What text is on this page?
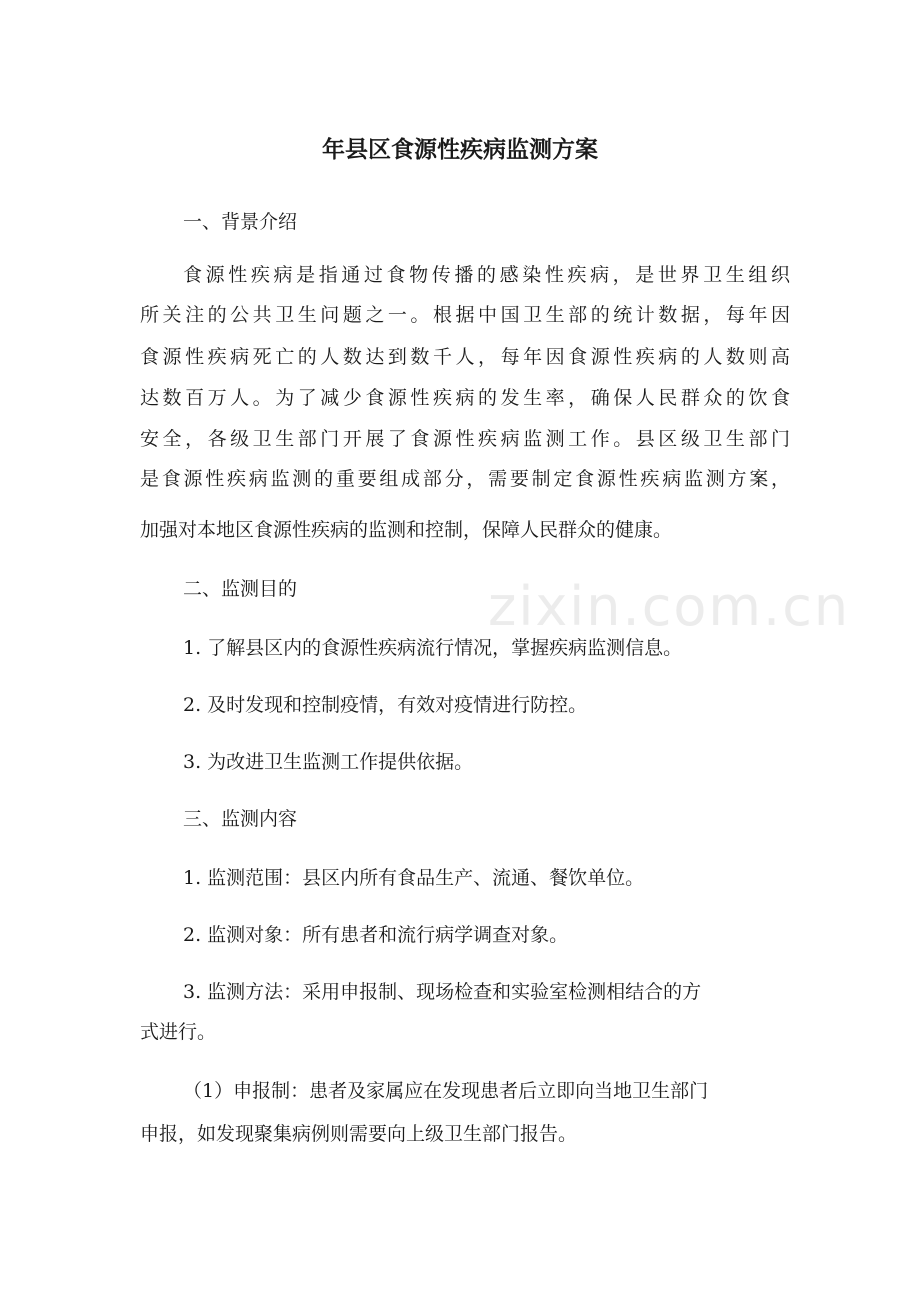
zixin.com.cn
年县区食源性疾病监测方案

一、背景介绍

食源性疾病是指通过食物传播的感染性疾病，是世界卫生组织

所关注的公共卫生问题之一。根据中国卫生部的统计数据，每年因

食源性疾病死亡的人数达到数千人，每年因食源性疾病的人数则高

达数百万人。为了减少食源性疾病的发生率，确保人民群众的饮食

安全，各级卫生部门开展了食源性疾病监测工作。县区级卫生部门

是食源性疾病监测的重要组成部分，需要制定食源性疾病监测方案，

加强对本地区食源性疾病的监测和控制，保障人民群众的健康。

二、监测目的

1. 了解县区内的食源性疾病流行情况，掌握疾病监测信息。

2. 及时发现和控制疫情，有效对疫情进行防控。

3. 为改进卫生监测工作提供依据。

三、监测内容

1. 监测范围：县区内所有食品生产、流通、餐饮单位。

2. 监测对象：所有患者和流行病学调查对象。

3. 监测方法：采用申报制、现场检查和实验室检测相结合的方

式进行。

（1）申报制：患者及家属应在发现患者后立即向当地卫生部门

申报，如发现聚集病例则需要向上级卫生部门报告。
